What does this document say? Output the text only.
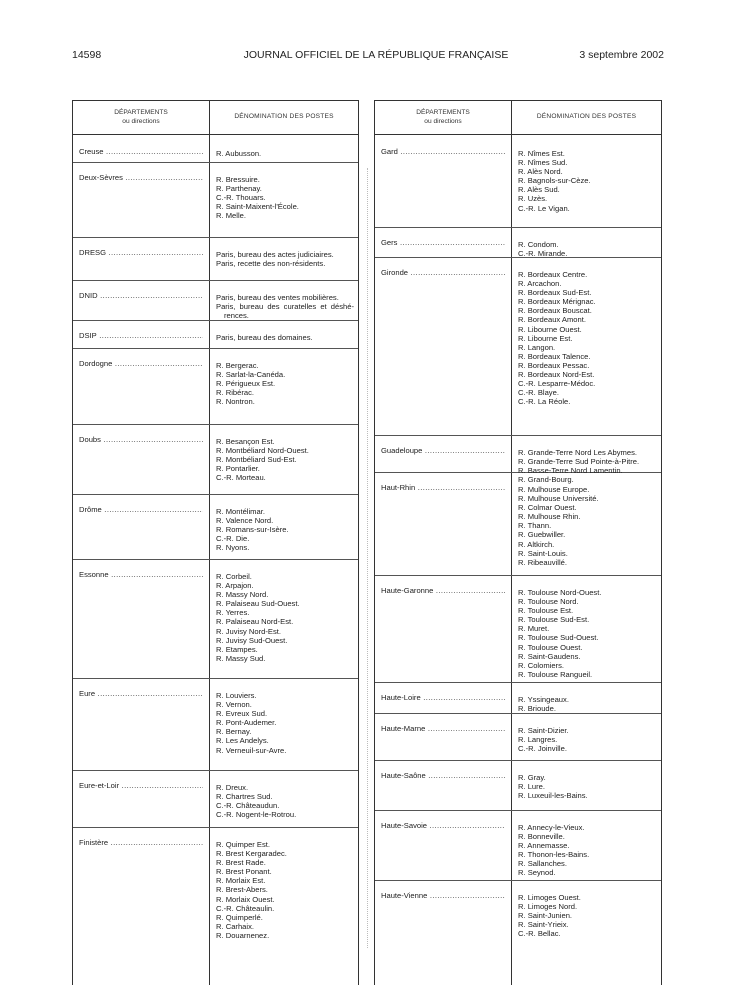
14598	JOURNAL OFFICIEL DE LA RÉPUBLIQUE FRANÇAISE	3 septembre 2002
DÉPARTEMENTS
ou directions
DÉNOMINATION DES POSTES
Creuse .....	R. Aubusson.
Deux-Sèvres .....	R. Bressuire.
R. Parthenay.
C.-R. Thouars.
R. Saint-Maixent-l'École.
R. Melle.
DRESG .....	Paris, bureau des actes judiciaires.
Paris, recette des non-résidents.
DNID .....	Paris, bureau des ventes mobilières.
Paris, bureau des curatelles et déshé-
rences.
DSIP .....	Paris, bureau des domaines.
Dordogne .....	R. Bergerac.
R. Sarlat-la-Canéda.
R. Périgueux Est.
R. Ribérac.
R. Nontron.
Doubs .....	R. Besançon Est.
R. Montbéliard Nord-Ouest.
R. Montbéliard Sud-Est.
R. Pontarlier.
C.-R. Morteau.
Drôme .....	R. Montélimar.
R. Valence Nord.
R. Romans-sur-Isère.
C.-R. Die.
R. Nyons.
Essonne .....	R. Corbeil.
R. Arpajon.
R. Massy Nord.
R. Palaiseau Sud-Ouest.
R. Yerres.
R. Palaiseau Nord-Est.
R. Juvisy Nord-Est.
R. Juvisy Sud-Ouest.
R. Etampes.
R. Massy Sud.
Eure .....	R. Louviers.
R. Vernon.
R. Evreux Sud.
R. Pont-Audemer.
R. Bernay.
R. Les Andelys.
R. Verneuil-sur-Avre.
Eure-et-Loir .....	R. Dreux.
R. Chartres Sud.
C.-R. Châteaudun.
C.-R. Nogent-le-Rotrou.
Finistère .....	R. Quimper Est.
R. Brest Kergaradec.
R. Brest Rade.
R. Brest Ponant.
R. Morlaix Est.
R. Brest-Abers.
R. Morlaix Ouest.
C.-R. Châteaulin.
R. Quimperlé.
R. Carhaix.
R. Douarnenez.
DÉPARTEMENTS
ou directions
DÉNOMINATION DES POSTES
Gard .....	R. Nîmes Est.
R. Nîmes Sud.
R. Alès Nord.
R. Bagnols-sur-Cèze.
R. Alès Sud.
R. Uzès.
C.-R. Le Vigan.
Gers .....	R. Condom.
C.-R. Mirande.
Gironde .....	R. Bordeaux Centre.
R. Arcachon.
R. Bordeaux Sud-Est.
R. Bordeaux Mérignac.
R. Bordeaux Bouscat.
R. Bordeaux Amont.
R. Libourne Ouest.
R. Libourne Est.
R. Langon.
R. Bordeaux Talence.
R. Bordeaux Pessac.
R. Bordeaux Nord-Est.
C.-R. Lesparre-Médoc.
C.-R. Blaye.
C.-R. La Réole.
Guadeloupe .....	R. Grande-Terre Nord Les Abymes.
R. Grande-Terre Sud Pointe-à-Pitre.
R. Basse-Terre Nord Lamentin.
R. Grand-Bourg.
Haut-Rhin .....	R. Mulhouse Europe.
R. Mulhouse Université.
R. Colmar Ouest.
R. Mulhouse Rhin.
R. Thann.
R. Guebwiller.
R. Altkirch.
R. Saint-Louis.
R. Ribeauvillé.
Haute-Garonne .....	R. Toulouse Nord-Ouest.
R. Toulouse Nord.
R. Toulouse Est.
R. Toulouse Sud-Est.
R. Muret.
R. Toulouse Sud-Ouest.
R. Toulouse Ouest.
R. Saint-Gaudens.
R. Colomiers.
R. Toulouse Rangueil.
Haute-Loire .....	R. Yssingeaux.
R. Brioude.
Haute-Marne .....	R. Saint-Dizier.
R. Langres.
C.-R. Joinville.
Haute-Saône .....	R. Gray.
R. Lure.
R. Luxeuil-les-Bains.
Haute-Savoie .....	R. Annecy-le-Vieux.
R. Bonneville.
R. Annemasse.
R. Thonon-les-Bains.
R. Sallanches.
R. Seynod.
Haute-Vienne .....	R. Limoges Ouest.
R. Limoges Nord.
R. Saint-Junien.
R. Saint-Yrieix.
C.-R. Bellac.
